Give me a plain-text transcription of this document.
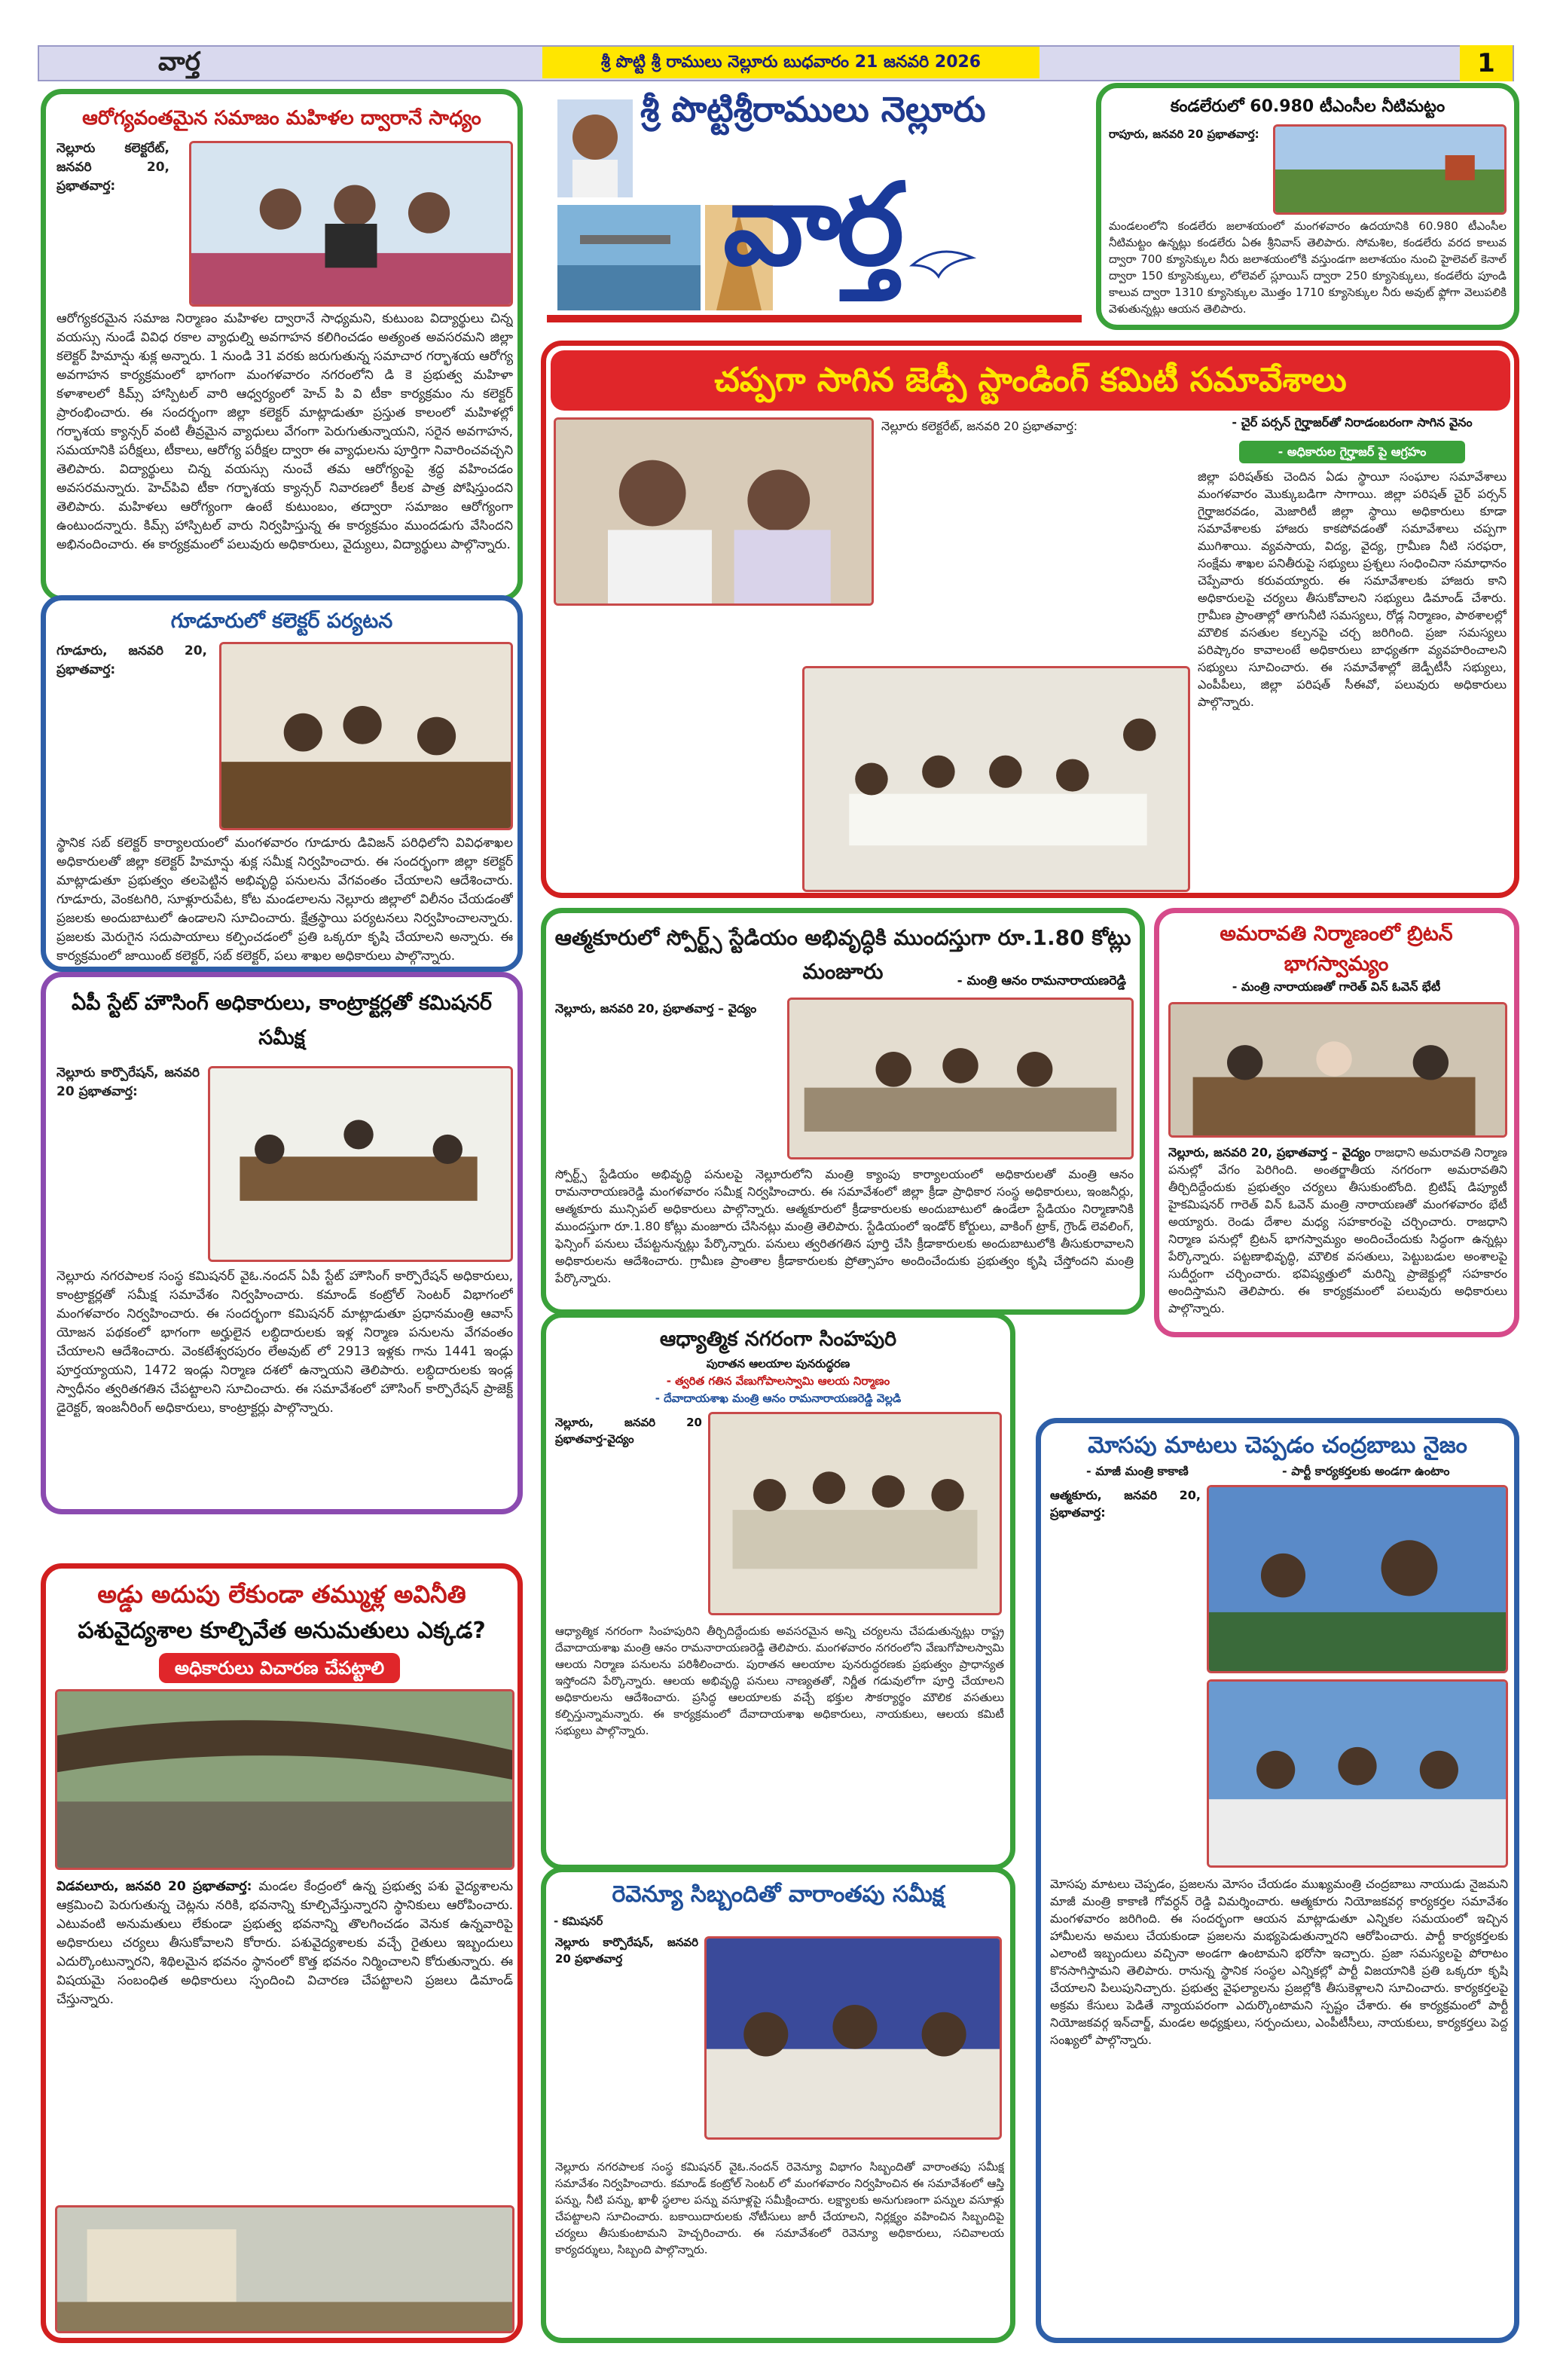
వార్త	శ్రీ పొట్టి శ్రీ రాములు నెల్లూరు బుధవారం 21 జనవరి 2026	1
శ్రీ పొట్టిశ్రీరాములు నెల్లూరు
వార్త
ఆరోగ్యవంతమైన సమాజం మహిళల ద్వారానే సాధ్యం
నెల్లూరు కలెక్టరేట్, జనవరి 20, ప్రభాతవార్త:
ఆరోగ్యకరమైన సమాజ నిర్మాణం మహిళల ద్వారానే సాధ్యమని, కుటుంబ విద్యార్థులు చిన్న వయస్సు నుండే వివిధ రకాల వ్యాధుల్ని అవగాహన కలిగించడం అత్యంత అవసరమని జిల్లా కలెక్టర్ హిమాన్షు శుక్ల అన్నారు. 1 నుండి 31 వరకు జరుగుతున్న సమాచార గర్భాశయ ఆరోగ్య అవగాహన కార్యక్రమంలో భాగంగా మంగళవారం నగరంలోని డి కె ప్రభుత్వ మహిళా కళాశాలలో కిమ్స్ హాస్పిటల్ వారి ఆధ్వర్యంలో హెచ్ పి వి టీకా కార్యక్రమం ను కలెక్టర్ ప్రారంభించారు. ఈ సందర్భంగా జిల్లా కలెక్టర్ మాట్లాడుతూ ప్రస్తుత కాలంలో మహిళల్లో గర్భాశయ క్యాన్సర్ వంటి తీవ్రమైన వ్యాధులు వేగంగా పెరుగుతున్నాయని, సరైన అవగాహన, సమయానికి పరీక్షలు, టీకాలు, ఆరోగ్య పరీక్షల ద్వారా ఈ వ్యాధులను పూర్తిగా నివారించవచ్చని తెలిపారు. విద్యార్థులు చిన్న వయస్సు నుంచే తమ ఆరోగ్యంపై శ్రద్ధ వహించడం అవసరమన్నారు. హెచ్‌పివి టీకా గర్భాశయ క్యాన్సర్ నివారణలో కీలక పాత్ర పోషిస్తుందని తెలిపారు. మహిళలు ఆరోగ్యంగా ఉంటే కుటుంబం, తద్వారా సమాజం ఆరోగ్యంగా ఉంటుందన్నారు. కిమ్స్ హాస్పిటల్ వారు నిర్వహిస్తున్న ఈ కార్యక్రమం ముందడుగు వేసిందని అభినందించారు. ఈ కార్యక్రమంలో పలువురు అధికారులు, వైద్యులు, విద్యార్థులు పాల్గొన్నారు.
గూడూరులో కలెక్టర్ పర్యటన
గూడూరు, జనవరి 20, ప్రభాతవార్త:
స్థానిక సబ్ కలెక్టర్ కార్యాలయంలో మంగళవారం గూడూరు డివిజన్ పరిధిలోని వివిధశాఖల అధికారులతో జిల్లా కలెక్టర్ హిమాన్షు శుక్ల సమీక్ష నిర్వహించారు. ఈ సందర్భంగా జిల్లా కలెక్టర్ మాట్లాడుతూ ప్రభుత్వం తలపెట్టిన అభివృద్ధి పనులను వేగవంతం చేయాలని ఆదేశించారు. గూడూరు, వెంకటగిరి, సూళ్లూరుపేట, కోట మండలాలను నెల్లూరు జిల్లాలో విలీనం చేయడంతో ప్రజలకు అందుబాటులో ఉండాలని సూచించారు. క్షేత్రస్థాయి పర్యటనలు నిర్వహించాలన్నారు. ప్రజలకు మెరుగైన సదుపాయాలు కల్పించడంలో ప్రతి ఒక్కరూ కృషి చేయాలని అన్నారు. ఈ కార్యక్రమంలో జాయింట్ కలెక్టర్, సబ్ కలెక్టర్, పలు శాఖల అధికారులు పాల్గొన్నారు.
ఏపీ స్టేట్ హౌసింగ్ అధికారులు, కాంట్రాక్టర్లతో కమిషనర్ సమీక్ష
నెల్లూరు కార్పొరేషన్, జనవరి 20 ప్రభాతవార్త:
నెల్లూరు నగరపాలక సంస్థ కమిషనర్ వైఓ.నందన్ ఏపీ స్టేట్ హౌసింగ్ కార్పొరేషన్ అధికారులు, కాంట్రాక్టర్లతో సమీక్ష సమావేశం నిర్వహించారు. కమాండ్ కంట్రోల్ సెంటర్ విభాగంలో మంగళవారం నిర్వహించారు. ఈ సందర్భంగా కమిషనర్ మాట్లాడుతూ ప్రధానమంత్రి ఆవాస్ యోజన పథకంలో భాగంగా అర్హులైన లబ్ధిదారులకు ఇళ్ల నిర్మాణ పనులను వేగవంతం చేయాలని ఆదేశించారు. వెంకటేశ్వరపురం లేఅవుట్ లో 2913 ఇళ్లకు గాను 1441 ఇండ్లు పూర్తయ్యాయని, 1472 ఇండ్లు నిర్మాణ దశలో ఉన్నాయని తెలిపారు. లబ్ధిదారులకు ఇండ్ల స్వాధీనం త్వరితగతిన చేపట్టాలని సూచించారు. ఈ సమావేశంలో హౌసింగ్ కార్పొరేషన్ ప్రాజెక్ట్ డైరెక్టర్, ఇంజనీరింగ్ అధికారులు, కాంట్రాక్టర్లు పాల్గొన్నారు.
అడ్డు అదుపు లేకుండా తమ్ముళ్ల అవినీతి
పశువైద్యశాల కూల్చివేత అనుమతులు ఎక్కడ?
అధికారులు విచారణ చేపట్టాలి
విడవలూరు, జనవరి 20 ప్రభాతవార్త: మండల కేంద్రంలో ఉన్న ప్రభుత్వ పశు వైద్యశాలను ఆక్రమించి పెరుగుతున్న చెట్లను నరికి, భవనాన్ని కూల్చివేస్తున్నారని స్థానికులు ఆరోపించారు. ఎటువంటి అనుమతులు లేకుండా ప్రభుత్వ భవనాన్ని తొలగించడం వెనుక ఉన్నవారిపై అధికారులు చర్యలు తీసుకోవాలని కోరారు. పశువైద్యశాలకు వచ్చే రైతులు ఇబ్బందులు ఎదుర్కొంటున్నారని, శిథిలమైన భవనం స్థానంలో కొత్త భవనం నిర్మించాలని కోరుతున్నారు. ఈ విషయమై సంబంధిత అధికారులు స్పందించి విచారణ చేపట్టాలని ప్రజలు డిమాండ్ చేస్తున్నారు.
కండలేరులో 60.980 టీఎంసీల నీటిమట్టం
రాపూరు, జనవరి 20 ప్రభాతవార్త:
మండలంలోని కండలేరు జలాశయంలో మంగళవారం ఉదయానికి 60.980 టీఎంసీల నీటిమట్టం ఉన్నట్లు కండలేరు ఏఈ శ్రీనివాస్ తెలిపారు. సోమశిల, కండలేరు వరద కాలువ ద్వారా 700 క్యూసెక్కుల నీరు జలాశయంలోకి వస్తుండగా జలాశయం నుంచి హైలెవల్ కెనాల్ ద్వారా 150 క్యూసెక్కులు, లోలెవల్ స్లూయిస్ ద్వారా 250 క్యూసెక్కులు, కండలేరు పూండి కాలువ ద్వారా 1310 క్యూసెక్కుల మొత్తం 1710 క్యూసెక్కుల నీరు అవుట్ ఫ్లోగా వెలుపలికి వెళుతున్నట్లు ఆయన తెలిపారు.
చప్పగా సాగిన జెడ్పీ స్టాండింగ్ కమిటీ సమావేశాలు
నెల్లూరు కలెక్టరేట్, జనవరి 20 ప్రభాతవార్త:	- చైర్ పర్సన్ గైర్హాజర్‌తో నిరాడంబరంగా సాగిన వైనం
- అధికారుల గైర్హాజర్ పై ఆగ్రహం
జిల్లా పరిషత్‌కు చెందిన ఏడు స్థాయీ సంఘాల సమావేశాలు మంగళవారం మొక్కుబడిగా సాగాయి. జిల్లా పరిషత్ చైర్ పర్సన్ గైర్హాజరవడం, మెజారిటీ జిల్లా స్థాయి అధికారులు కూడా సమావేశాలకు హాజరు కాకపోవడంతో సమావేశాలు చప్పగా ముగిశాయి. వ్యవసాయ, విద్య, వైద్య, గ్రామీణ నీటి సరఫరా, సంక్షేమ శాఖల పనితీరుపై సభ్యులు ప్రశ్నలు సంధించినా సమాధానం చెప్పేవారు కరువయ్యారు. ఈ సమావేశాలకు హాజరు కాని అధికారులపై చర్యలు తీసుకోవాలని సభ్యులు డిమాండ్ చేశారు. గ్రామీణ ప్రాంతాల్లో తాగునీటి సమస్యలు, రోడ్ల నిర్మాణం, పాఠశాలల్లో మౌలిక వసతుల కల్పనపై చర్చ జరిగింది. ప్రజా సమస్యలు పరిష్కారం కావాలంటే అధికారులు బాధ్యతగా వ్యవహరించాలని సభ్యులు సూచించారు. ఈ సమావేశాల్లో జెడ్పీటీసీ సభ్యులు, ఎంపీపీలు, జిల్లా పరిషత్ సీఈవో, పలువురు అధికారులు పాల్గొన్నారు.
ఆత్మకూరులో స్పోర్ట్స్ స్టేడియం అభివృద్ధికి ముందస్తుగా రూ.1.80 కోట్లు మంజూరు	- మంత్రి ఆనం రామనారాయణరెడ్డి
నెల్లూరు, జనవరి 20, ప్రభాతవార్త – వైద్యం
స్పోర్ట్స్ స్టేడియం అభివృద్ధి పనులపై నెల్లూరులోని మంత్రి క్యాంపు కార్యాలయంలో అధికారులతో మంత్రి ఆనం రామనారాయణరెడ్డి మంగళవారం సమీక్ష నిర్వహించారు. ఈ సమావేశంలో జిల్లా క్రీడా ప్రాధికార సంస్థ అధికారులు, ఇంజనీర్లు, ఆత్మకూరు మున్సిపల్ అధికారులు పాల్గొన్నారు. ఆత్మకూరులో క్రీడాకారులకు అందుబాటులో ఉండేలా స్టేడియం నిర్మాణానికి ముందస్తుగా రూ.1.80 కోట్లు మంజూరు చేసినట్లు మంత్రి తెలిపారు. స్టేడియంలో ఇండోర్ కోర్టులు, వాకింగ్ ట్రాక్, గ్రౌండ్ లెవలింగ్, ఫెన్సింగ్ పనులు చేపట్టనున్నట్లు పేర్కొన్నారు. పనులు త్వరితగతిన పూర్తి చేసి క్రీడాకారులకు అందుబాటులోకి తీసుకురావాలని అధికారులను ఆదేశించారు. గ్రామీణ ప్రాంతాల క్రీడాకారులకు ప్రోత్సాహం అందించేందుకు ప్రభుత్వం కృషి చేస్తోందని మంత్రి పేర్కొన్నారు.
అమరావతి నిర్మాణంలో బ్రిటన్ భాగస్వామ్యం
- మంత్రి నారాయణతో గారెత్ విన్ ఓవెన్ భేటీ
నెల్లూరు, జనవరి 20, ప్రభాతవార్త – వైద్యం రాజధాని అమరావతి నిర్మాణ పనుల్లో వేగం పెరిగింది. అంతర్జాతీయ నగరంగా అమరావతిని తీర్చిదిద్దేందుకు ప్రభుత్వం చర్యలు తీసుకుంటోంది. బ్రిటిష్ డిప్యూటీ హైకమిషనర్ గారెత్ విన్ ఓవెన్ మంత్రి నారాయణతో మంగళవారం భేటీ అయ్యారు. రెండు దేశాల మధ్య సహకారంపై చర్చించారు. రాజధాని నిర్మాణ పనుల్లో బ్రిటన్ భాగస్వామ్యం అందించేందుకు సిద్ధంగా ఉన్నట్లు పేర్కొన్నారు. పట్టణాభివృద్ధి, మౌలిక వసతులు, పెట్టుబడుల అంశాలపై సుదీర్ఘంగా చర్చించారు. భవిష్యత్తులో మరిన్ని ప్రాజెక్టుల్లో సహకారం అందిస్తామని తెలిపారు. ఈ కార్యక్రమంలో పలువురు అధికారులు పాల్గొన్నారు.
ఆధ్యాత్మిక నగరంగా సింహపురి
పురాతన ఆలయాల పునరుద్ధరణ
- త్వరిత గతిన వేణుగోపాలస్వామి ఆలయ నిర్మాణం
- దేవాదాయశాఖ మంత్రి ఆనం రామనారాయణరెడ్డి వెల్లడి
నెల్లూరు, జనవరి 20 ప్రభాతవార్త-వైద్యం
ఆధ్యాత్మిక నగరంగా సింహపురిని తీర్చిదిద్దేందుకు అవసరమైన అన్ని చర్యలను చేపడుతున్నట్లు రాష్ట్ర దేవాదాయశాఖ మంత్రి ఆనం రామనారాయణరెడ్డి తెలిపారు. మంగళవారం నగరంలోని వేణుగోపాలస్వామి ఆలయ నిర్మాణ పనులను పరిశీలించారు. పురాతన ఆలయాల పునరుద్ధరణకు ప్రభుత్వం ప్రాధాన్యత ఇస్తోందని పేర్కొన్నారు. ఆలయ అభివృద్ధి పనులు నాణ్యతతో, నిర్ణీత గడువులోగా పూర్తి చేయాలని అధికారులను ఆదేశించారు. ప్రసిద్ధ ఆలయాలకు వచ్చే భక్తుల సౌకర్యార్థం మౌలిక వసతులు కల్పిస్తున్నామన్నారు. ఈ కార్యక్రమంలో దేవాదాయశాఖ అధికారులు, నాయకులు, ఆలయ కమిటీ సభ్యులు పాల్గొన్నారు.
రెవెన్యూ సిబ్బందితో వారాంతపు సమీక్ష
- కమిషనర్
నెల్లూరు కార్పొరేషన్, జనవరి 20 ప్రభాతవార్త
నెల్లూరు నగరపాలక సంస్థ కమిషనర్ వైఓ.నందన్ రెవెన్యూ విభాగం సిబ్బందితో వారాంతపు సమీక్ష సమావేశం నిర్వహించారు. కమాండ్ కంట్రోల్ సెంటర్ లో మంగళవారం నిర్వహించిన ఈ సమావేశంలో ఆస్తి పన్ను, నీటి పన్ను, ఖాళీ స్థలాల పన్ను వసూళ్లపై సమీక్షించారు. లక్ష్యాలకు అనుగుణంగా పన్నుల వసూళ్లు చేపట్టాలని సూచించారు. బకాయిదారులకు నోటీసులు జారీ చేయాలని, నిర్లక్ష్యం వహించిన సిబ్బందిపై చర్యలు తీసుకుంటామని హెచ్చరించారు. ఈ సమావేశంలో రెవెన్యూ అధికారులు, సచివాలయ కార్యదర్శులు, సిబ్బంది పాల్గొన్నారు.
మోసపు మాటలు చెప్పడం చంద్రబాబు నైజం
- మాజీ మంత్రి కాకాణి	- పార్టీ కార్యకర్తలకు అండగా ఉంటాం
ఆత్మకూరు, జనవరి 20, ప్రభాతవార్త:
మోసపు మాటలు చెప్పడం, ప్రజలను మోసం చేయడం ముఖ్యమంత్రి చంద్రబాబు నాయుడు నైజమని మాజీ మంత్రి కాకాణి గోవర్ధన్ రెడ్డి విమర్శించారు. ఆత్మకూరు నియోజకవర్గ కార్యకర్తల సమావేశం మంగళవారం జరిగింది. ఈ సందర్భంగా ఆయన మాట్లాడుతూ ఎన్నికల సమయంలో ఇచ్చిన హామీలను అమలు చేయకుండా ప్రజలను మభ్యపెడుతున్నారని ఆరోపించారు. పార్టీ కార్యకర్తలకు ఎలాంటి ఇబ్బందులు వచ్చినా అండగా ఉంటామని భరోసా ఇచ్చారు. ప్రజా సమస్యలపై పోరాటం కొనసాగిస్తామని తెలిపారు. రానున్న స్థానిక సంస్థల ఎన్నికల్లో పార్టీ విజయానికి ప్రతి ఒక్కరూ కృషి చేయాలని పిలుపునిచ్చారు. ప్రభుత్వ వైఫల్యాలను ప్రజల్లోకి తీసుకెళ్లాలని సూచించారు. కార్యకర్తలపై అక్రమ కేసులు పెడితే న్యాయపరంగా ఎదుర్కొంటామని స్పష్టం చేశారు. ఈ కార్యక్రమంలో పార్టీ నియోజకవర్గ ఇన్‌చార్జ్, మండల అధ్యక్షులు, సర్పంచులు, ఎంపీటీసీలు, నాయకులు, కార్యకర్తలు పెద్ద సంఖ్యలో పాల్గొన్నారు.
